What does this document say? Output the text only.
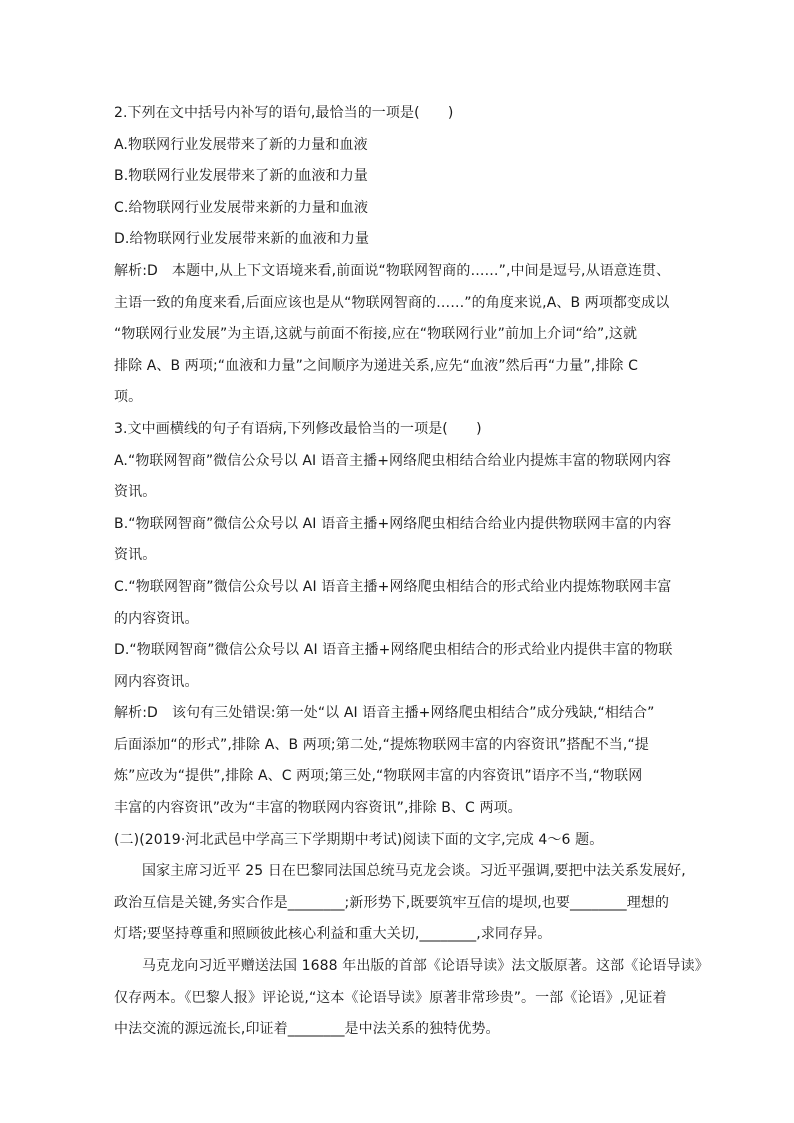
2.下列在文中括号内补写的语句,最恰当的一项是(　　)
A.物联网行业发展带来了新的力量和血液
B.物联网行业发展带来了新的血液和力量
C.给物联网行业发展带来新的力量和血液
D.给物联网行业发展带来新的血液和力量
解析:D　本题中,从上下文语境来看,前面说“物联网智商的……”,中间是逗号,从语意连贯、
主语一致的角度来看,后面应该也是从“物联网智商的……”的角度来说,A、B 两项都变成以
“物联网行业发展”为主语,这就与前面不衔接,应在“物联网行业”前加上介词“给”,这就
排除 A、B 两项;“血液和力量”之间顺序为递进关系,应先“血液”然后再“力量”,排除 C
项。
3.文中画横线的句子有语病,下列修改最恰当的一项是(　　)
A.“物联网智商”微信公众号以 AI 语音主播+网络爬虫相结合给业内提炼丰富的物联网内容
资讯。
B.“物联网智商”微信公众号以 AI 语音主播+网络爬虫相结合给业内提供物联网丰富的内容
资讯。
C.“物联网智商”微信公众号以 AI 语音主播+网络爬虫相结合的形式给业内提炼物联网丰富
的内容资讯。
D.“物联网智商”微信公众号以 AI 语音主播+网络爬虫相结合的形式给业内提供丰富的物联
网内容资讯。
解析:D　该句有三处错误:第一处“以 AI 语音主播+网络爬虫相结合”成分残缺,“相结合”
后面添加“的形式”,排除 A、B 两项;第二处,“提炼物联网丰富的内容资讯”搭配不当,“提
炼”应改为“提供”,排除 A、C 两项;第三处,“物联网丰富的内容资讯”语序不当,“物联网
丰富的内容资讯”改为“丰富的物联网内容资讯”,排除 B、C 两项。
(二)(2019·河北武邑中学高三下学期期中考试)阅读下面的文字,完成 4～6 题。
国家主席习近平 25 日在巴黎同法国总统马克龙会谈。习近平强调,要把中法关系发展好,
政治互信是关键,务实合作是________;新形势下,既要筑牢互信的堤坝,也要________理想的
灯塔;要坚持尊重和照顾彼此核心利益和重大关切,________,求同存异。
马克龙向习近平赠送法国 1688 年出版的首部《论语导读》法文版原著。这部《论语导读》
仅存两本。《巴黎人报》评论说,“这本《论语导读》原著非常珍贵”。一部《论语》,见证着
中法交流的源远流长,印证着________是中法关系的独特优势。
